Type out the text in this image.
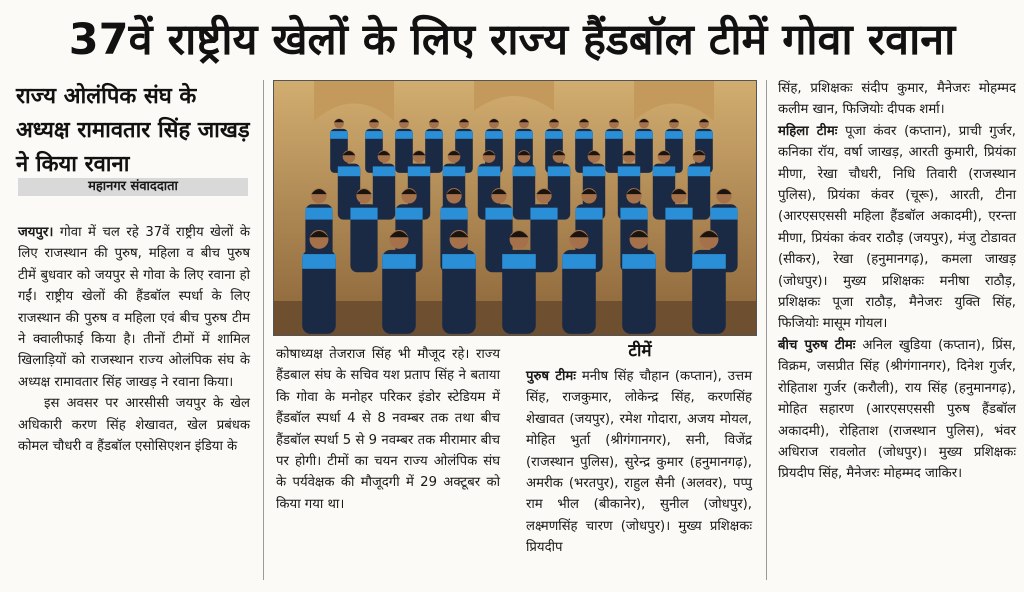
37वें राष्ट्रीय खेलों के लिए राज्य हैंडबॉल टीमें गोवा रवाना
राज्य ओलंपिक संघ के अध्यक्ष रामावतार सिंह जाखड़ ने किया रवाना
महानगर संवाददाता

जयपुर। गोवा में चल रहे 37वें राष्ट्रीय खेलों के लिए राजस्थान की पुरुष, महिला व बीच पुरुष टीमें बुधवार को जयपुर से गोवा के लिए रवाना हो गईं। राष्ट्रीय खेलों की हैंडबॉल स्पर्धा के लिए राजस्थान की पुरुष व महिला एवं बीच पुरुष टीम ने क्वालीफाई किया है। तीनों टीमों में शामिल खिलाड़ियों को राजस्थान राज्य ओलंपिक संघ के अध्यक्ष रामावतार सिंह जाखड़ ने रवाना किया।

इस अवसर पर आरसीसी जयपुर के खेल अधिकारी करण सिंह शेखावत, खेल प्रबंधक कोमल चौधरी व हैंडबॉल एसोसिएशन इंडिया के

टीमें

कोषाध्यक्ष तेजराज सिंह भी मौजूद रहे। राज्य हैंडबाल संघ के सचिव यश प्रताप सिंह ने बताया कि गोवा के मनोहर परिकर इंडोर स्टेडियम में हैंडबॉल स्पर्धा 4 से 8 नवम्बर तक तथा बीच हैंडबॉल स्पर्धा 5 से 9 नवम्बर तक मीरामार बीच पर होगी। टीमों का चयन राज्य ओलंपिक संघ के पर्यवेक्षक की मौजूदगी में 29 अक्टूबर को किया गया था।

पुरुष टीमः मनीष सिंह चौहान (कप्तान), उत्तम सिंह, राजकुमार, लोकेन्द्र सिंह, करणसिंह शेखावत (जयपुर), रमेश गोदारा, अजय मोयल, मोहित भुर्ता (श्रीगंगानगर), सनी, विजेंद्र (राजस्थान पुलिस), सुरेन्द्र कुमार (हनुमानगढ़), अमरीक (भरतपुर), राहुल सैनी (अलवर), पप्पु राम भील (बीकानेर), सुनील (जोधपुर), लक्ष्मणसिंह चारण (जोधपुर)। मुख्य प्रशिक्षकः प्रियदीप

सिंह, प्रशिक्षकः संदीप कुमार, मैनेजरः मोहम्मद कलीम खान, फिजियोः दीपक शर्मा।

महिला टीमः पूजा कंवर (कप्तान), प्राची गुर्जर, कनिका रॉय, वर्षा जाखड़, आरती कुमारी, प्रियंका मीणा, रेखा चौधरी, निधि तिवारी (राजस्थान पुलिस), प्रियंका कंवर (चूरू), आरती, टीना (आरएसएससी महिला हैंडबॉल अकादमी), एरन्ता मीणा, प्रियंका कंवर राठौड़ (जयपुर), मंजु टोडावत (सीकर), रेखा (हनुमानगढ़), कमला जाखड़ (जोधपुर)। मुख्य प्रशिक्षकः मनीषा राठौड़, प्रशिक्षकः पूजा राठौड़, मैनेजरः युक्ति सिंह, फिजियोः मासूम गोयल।

बीच पुरुष टीमः अनिल खुडिया (कप्तान), प्रिंस, विक्रम, जसप्रीत सिंह (श्रीगंगानगर), दिनेश गुर्जर, रोहिताश गुर्जर (करौली), राय सिंह (हनुमानगढ़), मोहित सहारण (आरएसएससी पुरुष हैंडबॉल अकादमी), रोहिताश (राजस्थान पुलिस), भंवर अधिराज रावलोत (जोधपुर)। मुख्य प्रशिक्षकः प्रियदीप सिंह, मैनेजरः मोहम्मद जाकिर।
